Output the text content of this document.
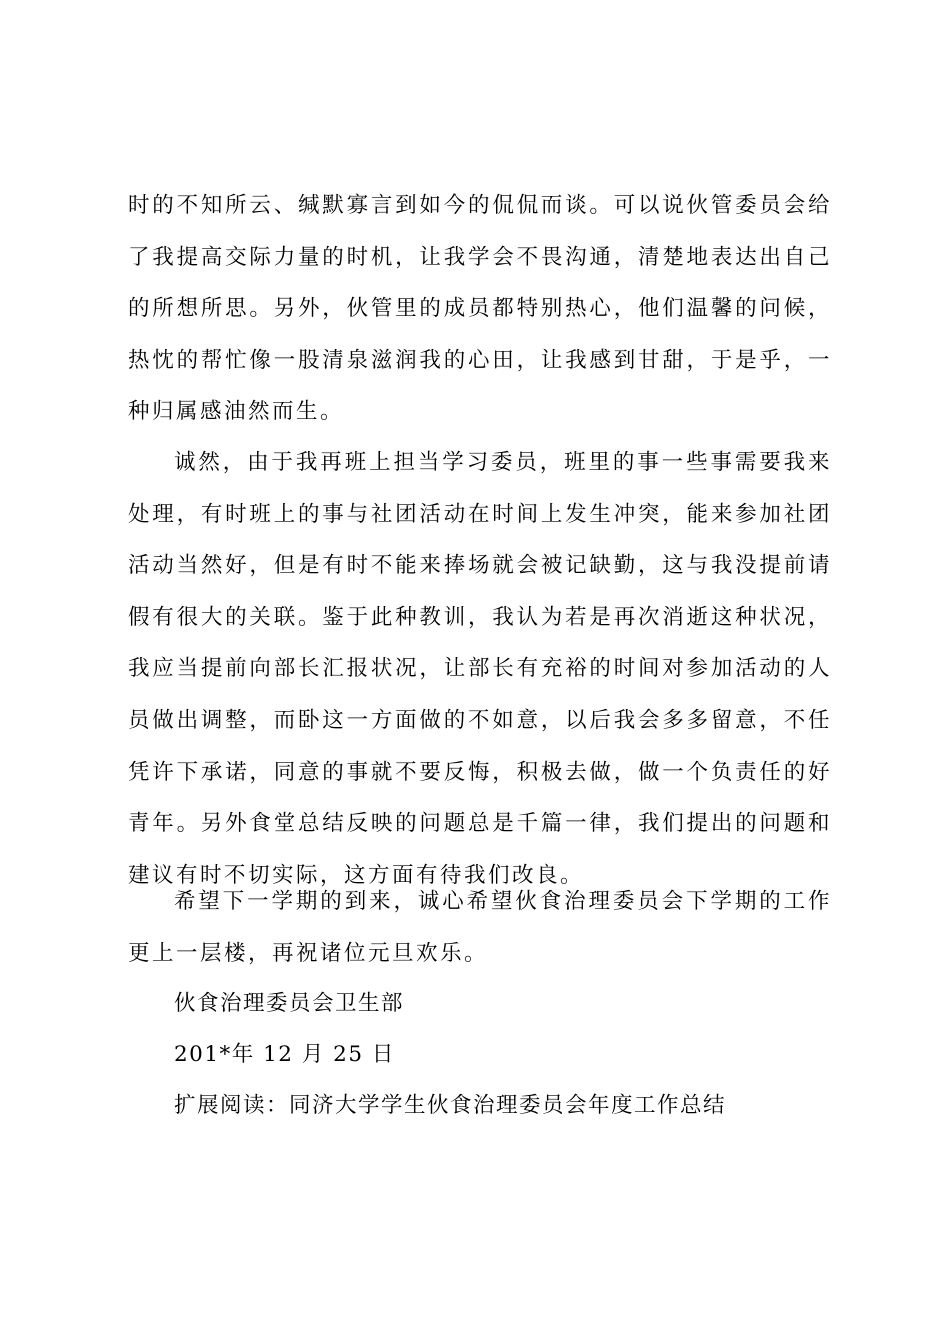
时的不知所云、缄默寡言到如今的侃侃而谈。可以说伙管委员会给了我提高交际力量的时机，让我学会不畏沟通，清楚地表达出自己的所想所思。另外，伙管里的成员都特别热心，他们温馨的问候，热忱的帮忙像一股清泉滋润我的心田，让我感到甘甜，于是乎，一种归属感油然而生。

诚然，由于我再班上担当学习委员，班里的事一些事需要我来处理，有时班上的事与社团活动在时间上发生冲突，能来参加社团活动当然好，但是有时不能来捧场就会被记缺勤，这与我没提前请假有很大的关联。鉴于此种教训，我认为若是再次消逝这种状况，我应当提前向部长汇报状况，让部长有充裕的时间对参加活动的人员做出调整，而卧这一方面做的不如意，以后我会多多留意，不任凭许下承诺，同意的事就不要反悔，积极去做，做一个负责任的好青年。另外食堂总结反映的问题总是千篇一律，我们提出的问题和建议有时不切实际，这方面有待我们改良。

希望下一学期的到来，诚心希望伙食治理委员会下学期的工作更上一层楼，再祝诸位元旦欢乐。

伙食治理委员会卫生部

201*年 12 月 25 日

扩展阅读：同济大学学生伙食治理委员会年度工作总结
